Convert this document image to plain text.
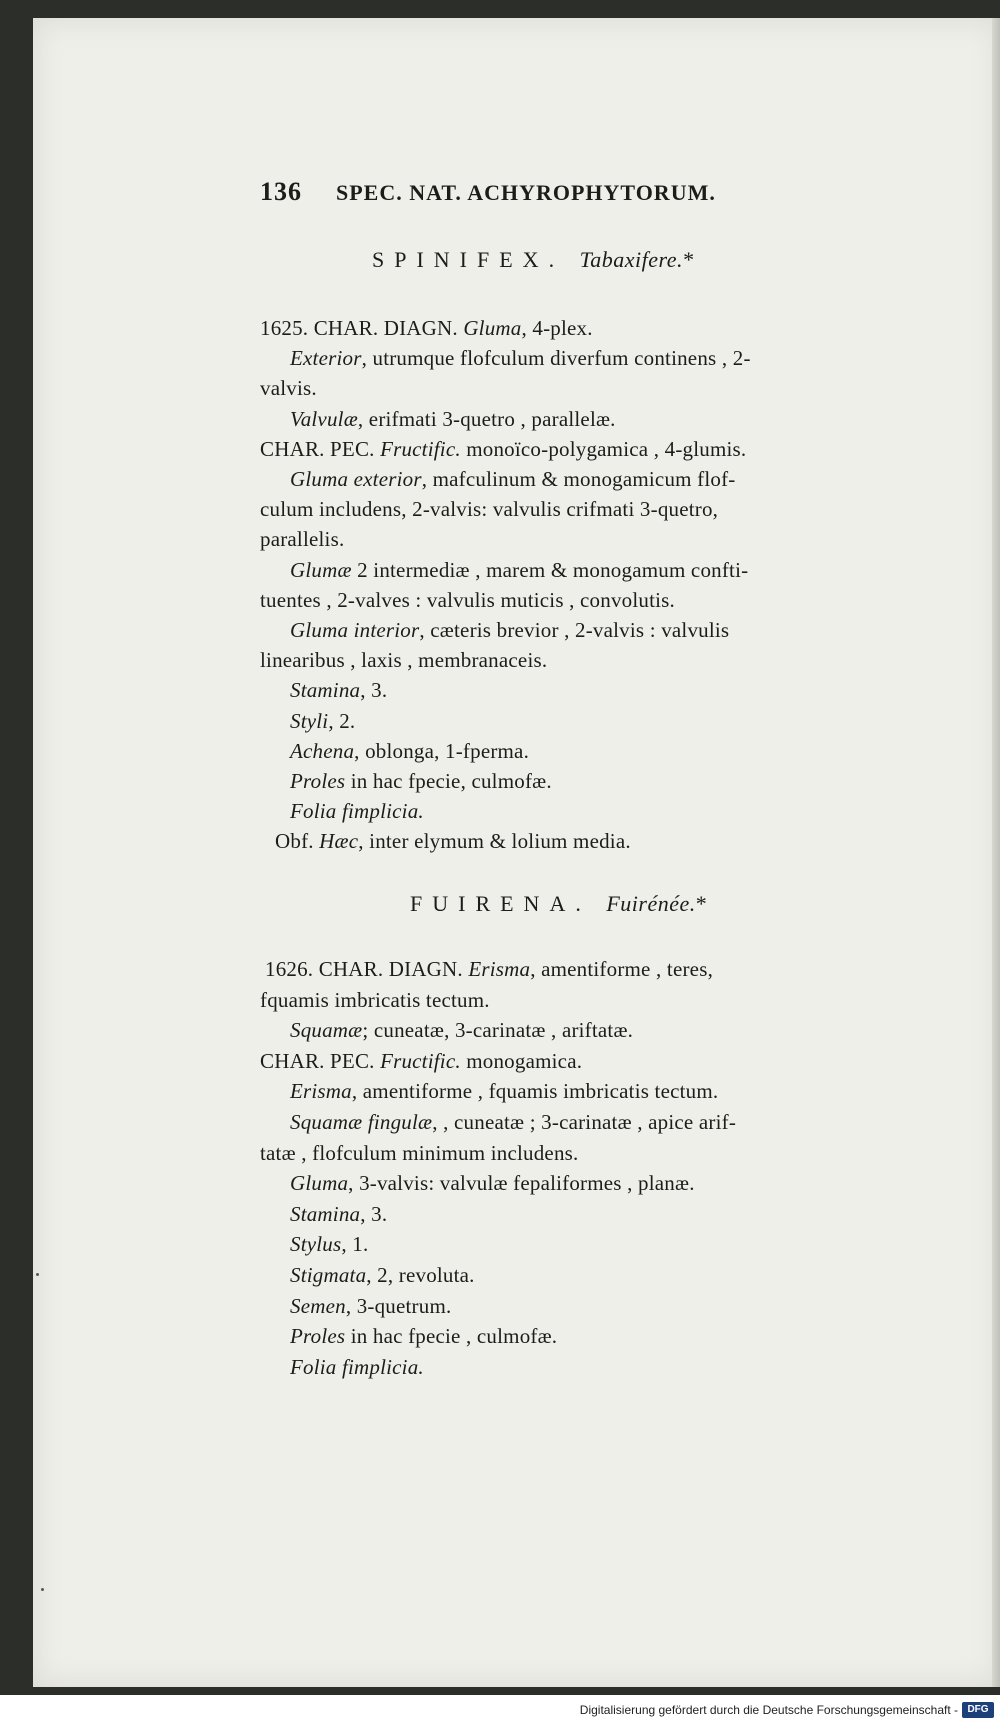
136 SPEC. NAT. ACHYROPHYTORUM.
SPINIFEX. Tabaxifere.*
1625. CHAR. DIAGN. Gluma, 4-plex.
Exterior, utrumque flofculum diverfum continens , 2-
valvis.
Valvulæ, erifmati 3-quetro , parallelæ.
CHAR. PEC. Fructific. monoïco-polygamica , 4-glumis.
Gluma exterior, mafculinum & monogamicum flof-
culum includens, 2-valvis: valvulis crifmati 3-quetro,
parallelis.
Glumæ 2 intermediæ , marem & monogamum confti-
tuentes , 2-valves : valvulis muticis , convolutis.
Gluma interior, cæteris brevior , 2-valvis : valvulis
linearibus , laxis , membranaceis.
Stamina, 3.
Styli, 2.
Achena, oblonga, 1-fperma.
Proles in hac fpecie, culmofæ.
Folia fimplicia.
Obf. Hæc, inter elymum & lolium media.
FUIRENA. Fuirénée.*
1626. CHAR. DIAGN. Erisma, amentiforme , teres,
fquamis imbricatis tectum.
Squamæ; cuneatæ, 3-carinatæ , ariftatæ.
CHAR. PEC. Fructific. monogamica.
Erisma, amentiforme , fquamis imbricatis tectum.
Squamæ fingulæ, , cuneatæ ; 3-carinatæ , apice arif-
tatæ , flofculum minimum includens.
Gluma, 3-valvis: valvulæ fepaliformes , planæ.
Stamina, 3.
Stylus, 1.
Stigmata, 2, revoluta.
Semen, 3-quetrum.
Proles in hac fpecie , culmofæ.
Folia fimplicia.
Digitalisierung gefördert durch die Deutsche Forschungsgemeinschaft - DFG
